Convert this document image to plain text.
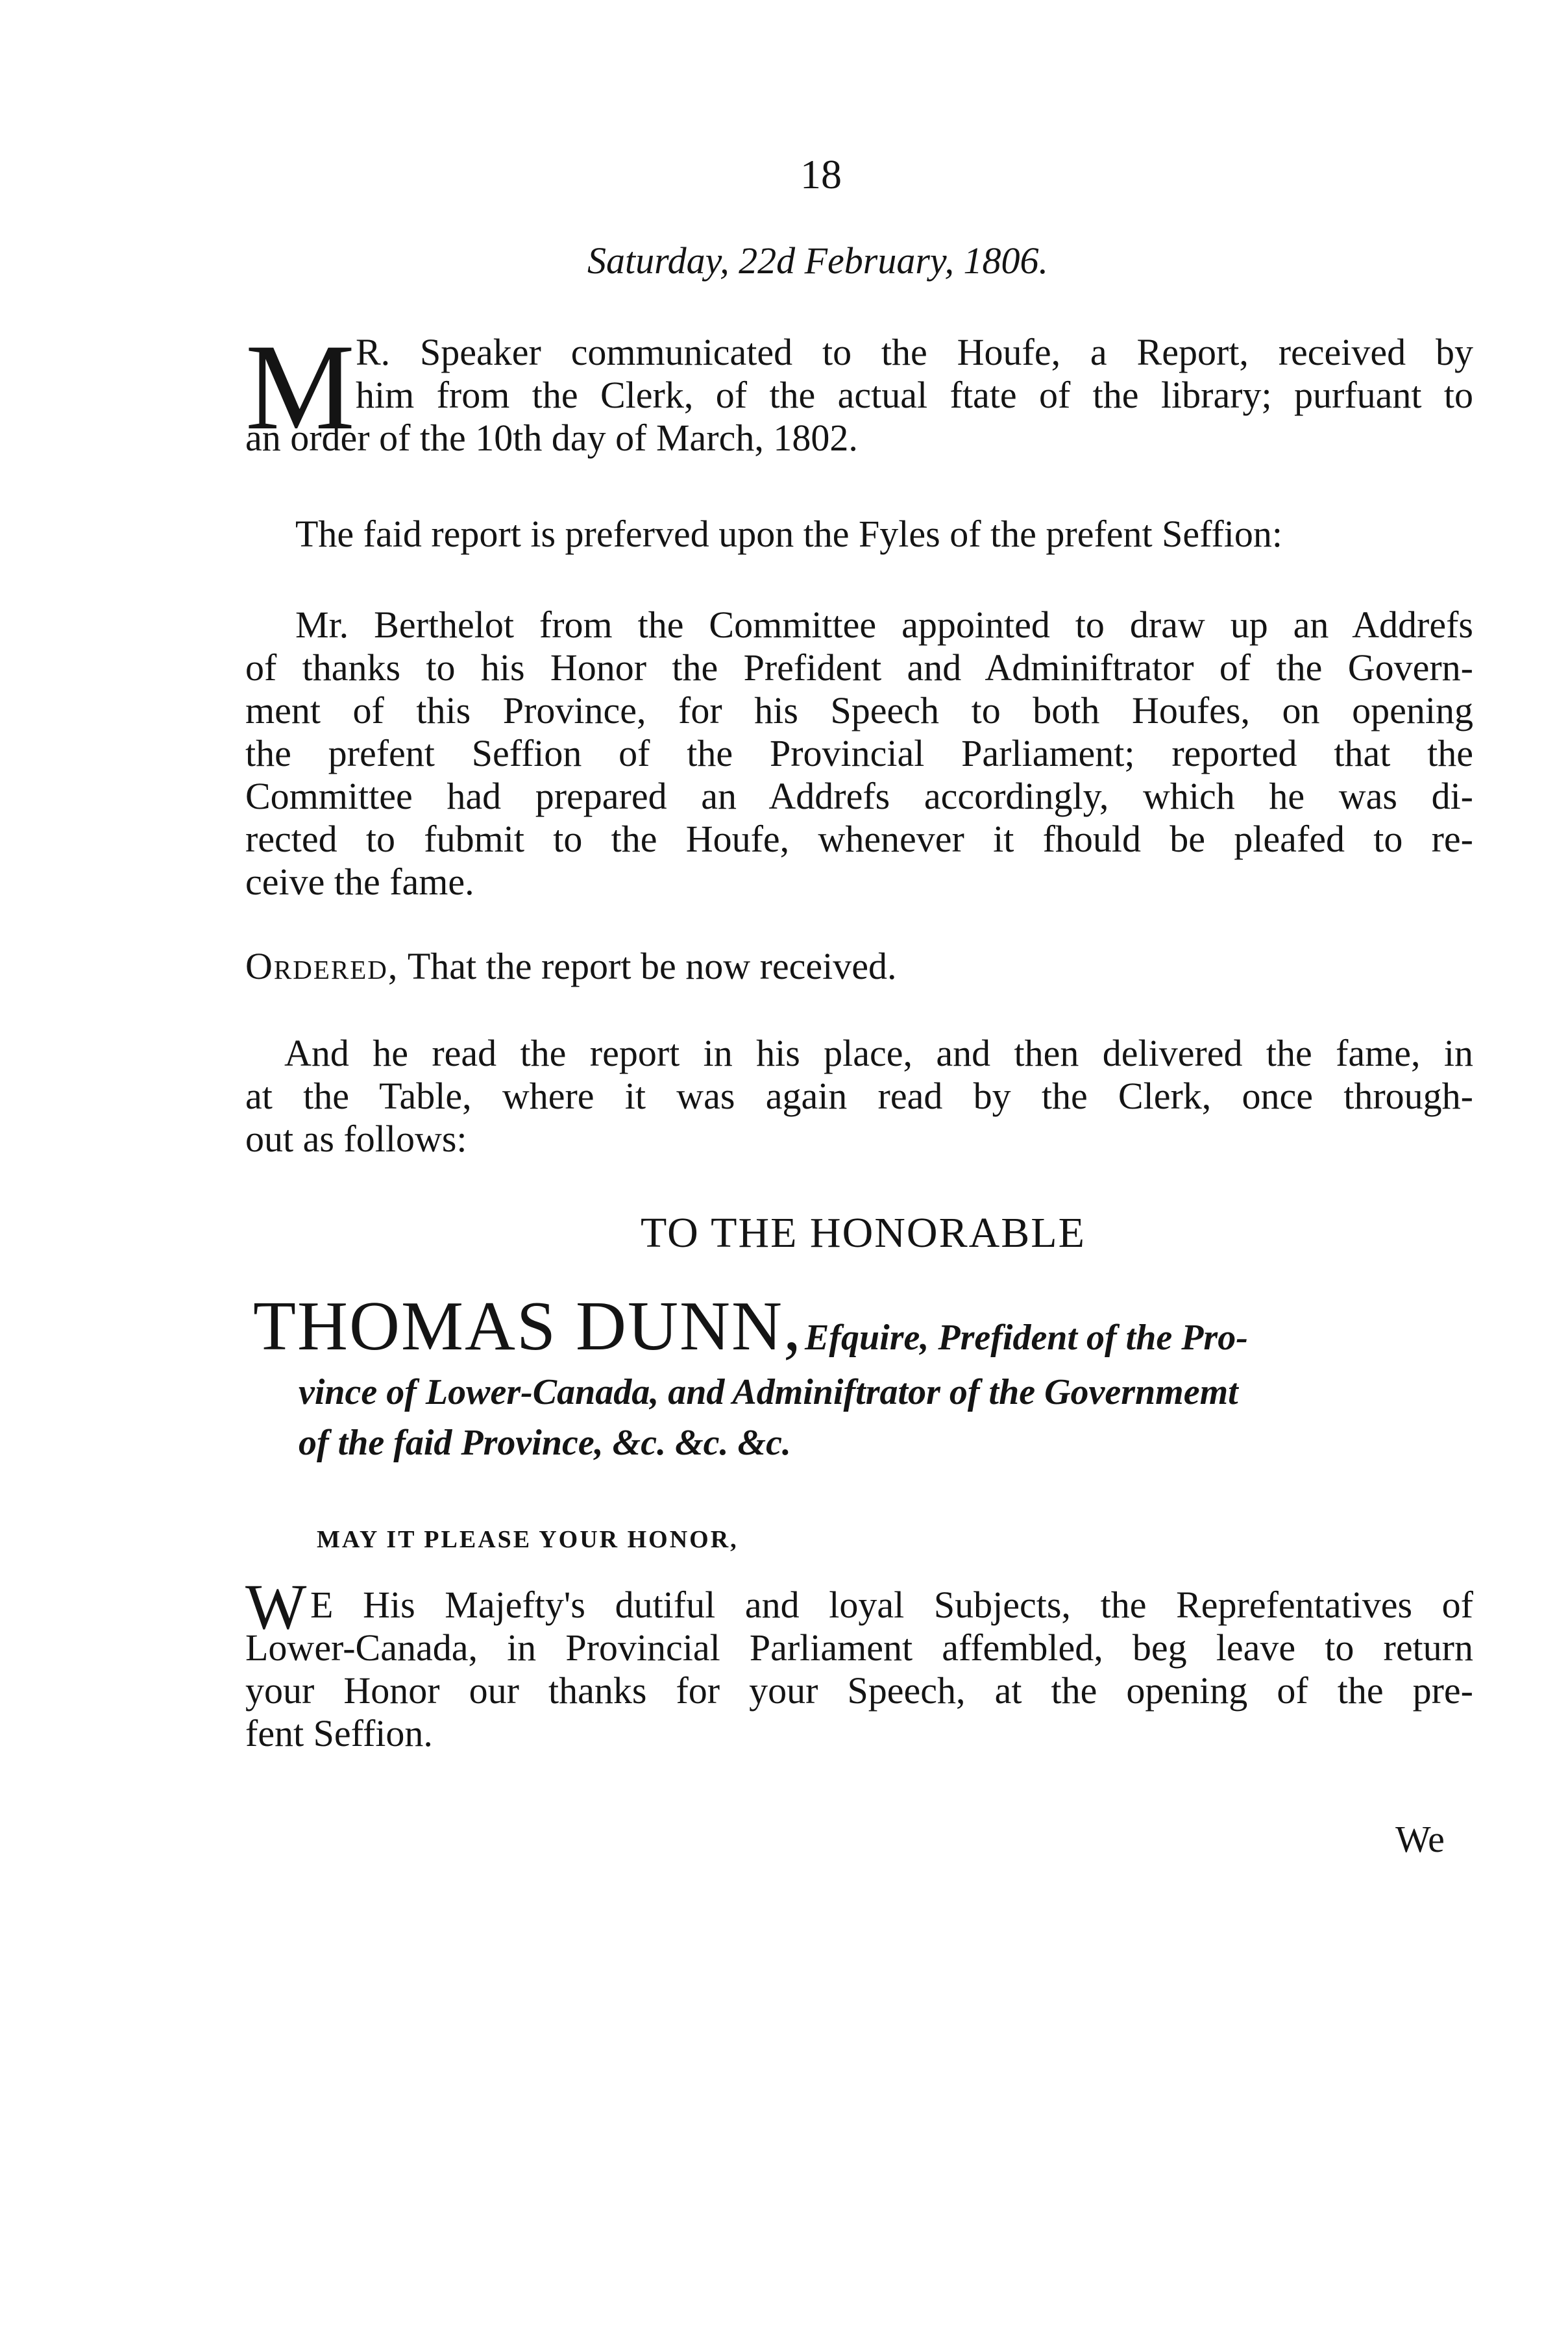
18
Saturday, 22d February, 1806.
M R. Speaker communicated to the Houfe, a Report, received by
him from the Clerk, of the actual ftate of the library; purfuant to
an order of the 10th day of March, 1802.
The faid report is preferved upon the Fyles of the prefent Seffion:
Mr. Berthelot from the Committee appointed to draw up an Addrefs
of thanks to his Honor the Prefident and Adminiftrator of the Govern-
ment of this Province, for his Speech to both Houfes, on opening
the prefent Seffion of the Provincial Parliament; reported that the
Committee had prepared an Addrefs accordingly, which he was di-
rected to fubmit to the Houfe, whenever it fhould be pleafed to re-
ceive the fame.
Ordered, That the report be now received.
And he read the report in his place, and then delivered the fame, in
at the Table, where it was again read by the Clerk, once through-
out as follows:
TO THE HONORABLE
THOMAS DUNN, Efquire, Prefident of the Pro-
vince of Lower-Canada, and Adminiftrator of the Governmemt
of the faid Province, &c. &c. &c.
MAY IT PLEASE YOUR HONOR,
W E His Majefty's dutiful and loyal Subjects, the Reprefentatives of
Lower-Canada, in Provincial Parliament affembled, beg leave to return
your Honor our thanks for your Speech, at the opening of the pre-
fent Seffion.
We
